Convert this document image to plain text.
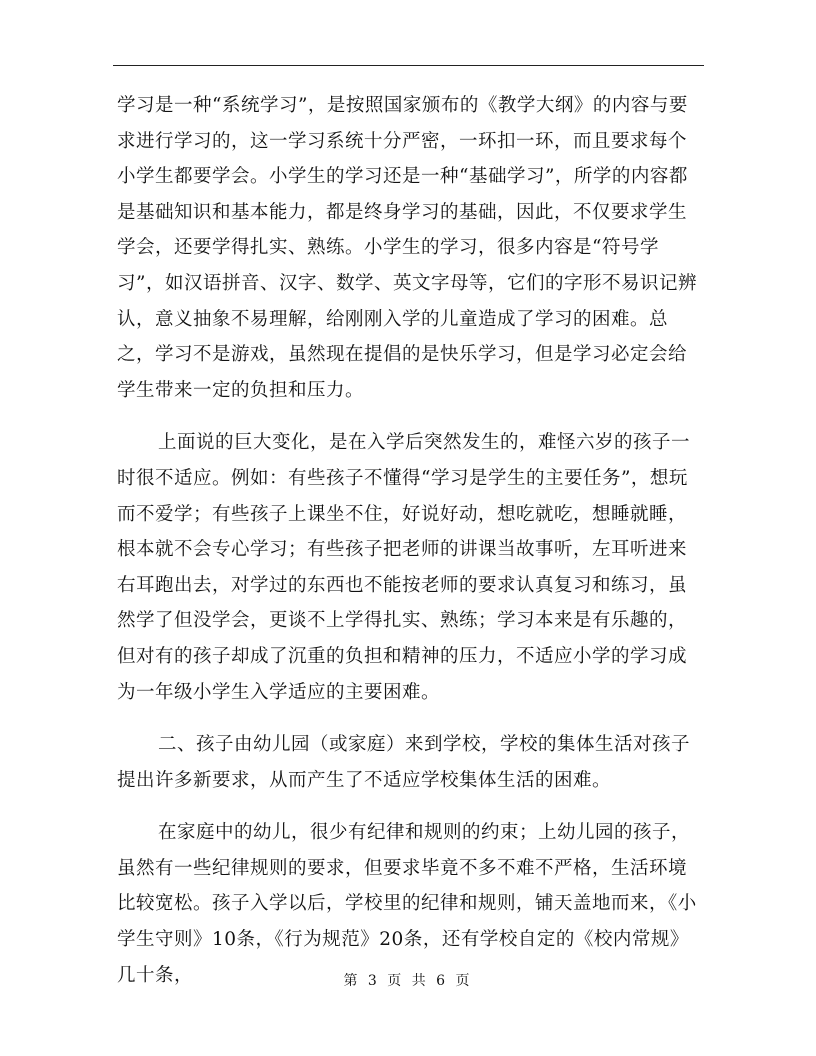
学习是一种“系统学习”，是按照国家颁布的《教学大纲》的内容与要求进行学习的，这一学习系统十分严密，一环扣一环，而且要求每个小学生都要学会。小学生的学习还是一种“基础学习”，所学的内容都是基础知识和基本能力，都是终身学习的基础，因此，不仅要求学生学会，还要学得扎实、熟练。小学生的学习，很多内容是“符号学习”，如汉语拼音、汉字、数学、英文字母等，它们的字形不易识记辨认，意义抽象不易理解，给刚刚入学的儿童造成了学习的困难。总之，学习不是游戏，虽然现在提倡的是快乐学习，但是学习必定会给学生带来一定的负担和压力。

上面说的巨大变化，是在入学后突然发生的，难怪六岁的孩子一时很不适应。例如：有些孩子不懂得“学习是学生的主要任务”，想玩而不爱学；有些孩子上课坐不住，好说好动，想吃就吃，想睡就睡，根本就不会专心学习；有些孩子把老师的讲课当故事听，左耳听进来右耳跑出去，对学过的东西也不能按老师的要求认真复习和练习，虽然学了但没学会，更谈不上学得扎实、熟练；学习本来是有乐趣的，但对有的孩子却成了沉重的负担和精神的压力，不适应小学的学习成为一年级小学生入学适应的主要困难。

二、孩子由幼儿园（或家庭）来到学校，学校的集体生活对孩子提出许多新要求，从而产生了不适应学校集体生活的困难。

在家庭中的幼儿，很少有纪律和规则的约束；上幼儿园的孩子，虽然有一些纪律规则的要求，但要求毕竟不多不难不严格，生活环境比较宽松。孩子入学以后，学校里的纪律和规则，铺天盖地而来，《小学生守则》10条，《行为规范》20条，还有学校自定的《校内常规》几十条，	第 3 页 共 6 页
